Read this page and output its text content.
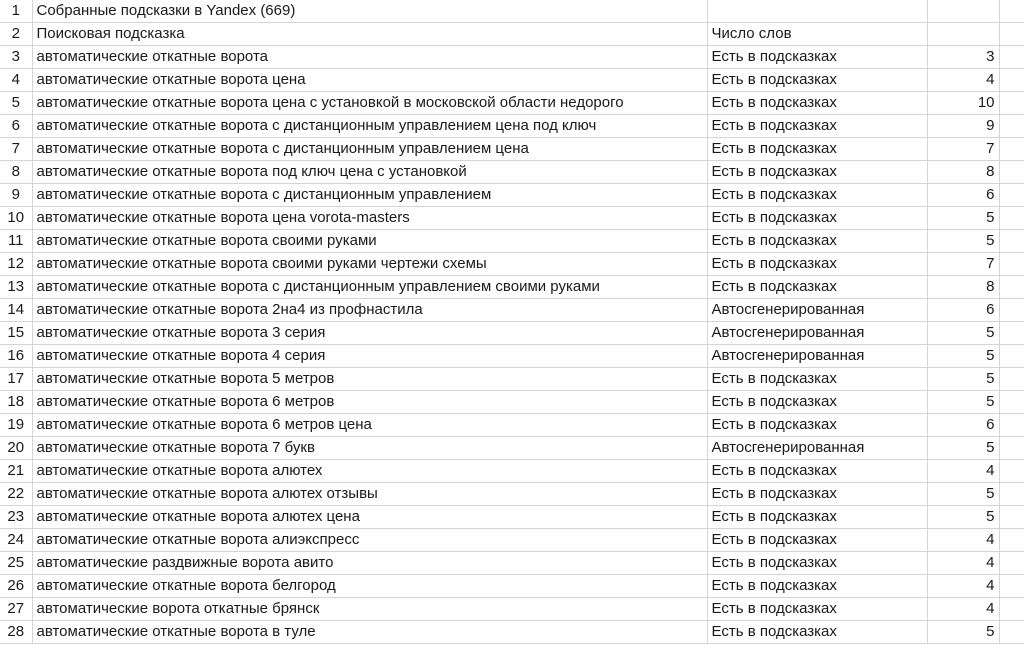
1	Собранные подсказки в Yandex (669)			
2	Поисковая подсказка	Число слов		
3	автоматические откатные ворота	Есть в подсказках	3	
4	автоматические откатные ворота цена	Есть в подсказках	4	
5	автоматические откатные ворота цена с установкой в московской области недорого	Есть в подсказках	10	
6	автоматические откатные ворота с дистанционным управлением цена под ключ	Есть в подсказках	9	
7	автоматические откатные ворота с дистанционным управлением цена	Есть в подсказках	7	
8	автоматические откатные ворота под ключ цена с установкой	Есть в подсказках	8	
9	автоматические откатные ворота с дистанционным управлением	Есть в подсказках	6	
10	автоматические откатные ворота цена vorota-masters	Есть в подсказках	5	
11	автоматические откатные ворота своими руками	Есть в подсказках	5	
12	автоматические откатные ворота своими руками чертежи схемы	Есть в подсказках	7	
13	автоматические откатные ворота с дистанционным управлением своими руками	Есть в подсказках	8	
14	автоматические откатные ворота 2на4 из профнастила	Автосгенерированная	6	
15	автоматические откатные ворота 3 серия	Автосгенерированная	5	
16	автоматические откатные ворота 4 серия	Автосгенерированная	5	
17	автоматические откатные ворота 5 метров	Есть в подсказках	5	
18	автоматические откатные ворота 6 метров	Есть в подсказках	5	
19	автоматические откатные ворота 6 метров цена	Есть в подсказках	6	
20	автоматические откатные ворота 7 букв	Автосгенерированная	5	
21	автоматические откатные ворота алютех	Есть в подсказках	4	
22	автоматические откатные ворота алютех отзывы	Есть в подсказках	5	
23	автоматические откатные ворота алютех цена	Есть в подсказках	5	
24	автоматические откатные ворота алиэкспресс	Есть в подсказках	4	
25	автоматические раздвижные ворота авито	Есть в подсказках	4	
26	автоматические откатные ворота белгород	Есть в подсказках	4	
27	автоматические ворота откатные брянск	Есть в подсказках	4	
28	автоматические откатные ворота в туле	Есть в подсказках	5	
